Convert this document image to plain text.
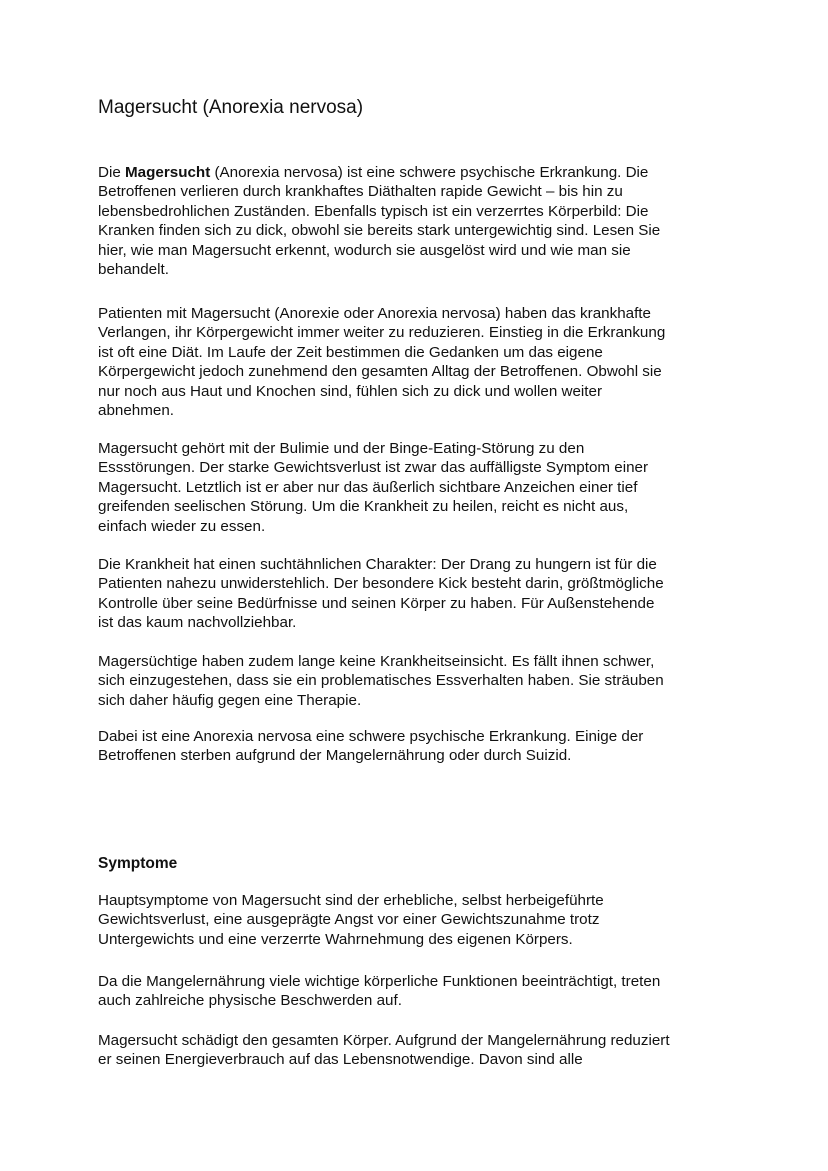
Magersucht (Anorexia nervosa)
Die Magersucht (Anorexia nervosa) ist eine schwere psychische Erkrankung. Die
Betroffenen verlieren durch krankhaftes Diäthalten rapide Gewicht – bis hin zu
lebensbedrohlichen Zuständen. Ebenfalls typisch ist ein verzerrtes Körperbild: Die
Kranken finden sich zu dick, obwohl sie bereits stark untergewichtig sind. Lesen Sie
hier, wie man Magersucht erkennt, wodurch sie ausgelöst wird und wie man sie
behandelt.
Patienten mit Magersucht (Anorexie oder Anorexia nervosa) haben das krankhafte
Verlangen, ihr Körpergewicht immer weiter zu reduzieren. Einstieg in die Erkrankung
ist oft eine Diät. Im Laufe der Zeit bestimmen die Gedanken um das eigene
Körpergewicht jedoch zunehmend den gesamten Alltag der Betroffenen. Obwohl sie
nur noch aus Haut und Knochen sind, fühlen sich zu dick und wollen weiter
abnehmen.
Magersucht gehört mit der Bulimie und der Binge-Eating-Störung zu den
Essstörungen. Der starke Gewichtsverlust ist zwar das auffälligste Symptom einer
Magersucht. Letztlich ist er aber nur das äußerlich sichtbare Anzeichen einer tief
greifenden seelischen Störung. Um die Krankheit zu heilen, reicht es nicht aus,
einfach wieder zu essen.
Die Krankheit hat einen suchtähnlichen Charakter: Der Drang zu hungern ist für die
Patienten nahezu unwiderstehlich. Der besondere Kick besteht darin, größtmögliche
Kontrolle über seine Bedürfnisse und seinen Körper zu haben. Für Außenstehende
ist das kaum nachvollziehbar.
Magersüchtige haben zudem lange keine Krankheitseinsicht. Es fällt ihnen schwer,
sich einzugestehen, dass sie ein problematisches Essverhalten haben. Sie sträuben
sich daher häufig gegen eine Therapie.
Dabei ist eine Anorexia nervosa eine schwere psychische Erkrankung. Einige der
Betroffenen sterben aufgrund der Mangelernährung oder durch Suizid.
Symptome
Hauptsymptome von Magersucht sind der erhebliche, selbst herbeigeführte
Gewichtsverlust, eine ausgeprägte Angst vor einer Gewichtszunahme trotz
Untergewichts und eine verzerrte Wahrnehmung des eigenen Körpers.
Da die Mangelernährung viele wichtige körperliche Funktionen beeinträchtigt, treten
auch zahlreiche physische Beschwerden auf.
Magersucht schädigt den gesamten Körper. Aufgrund der Mangelernährung reduziert
er seinen Energieverbrauch auf das Lebensnotwendige. Davon sind alle
